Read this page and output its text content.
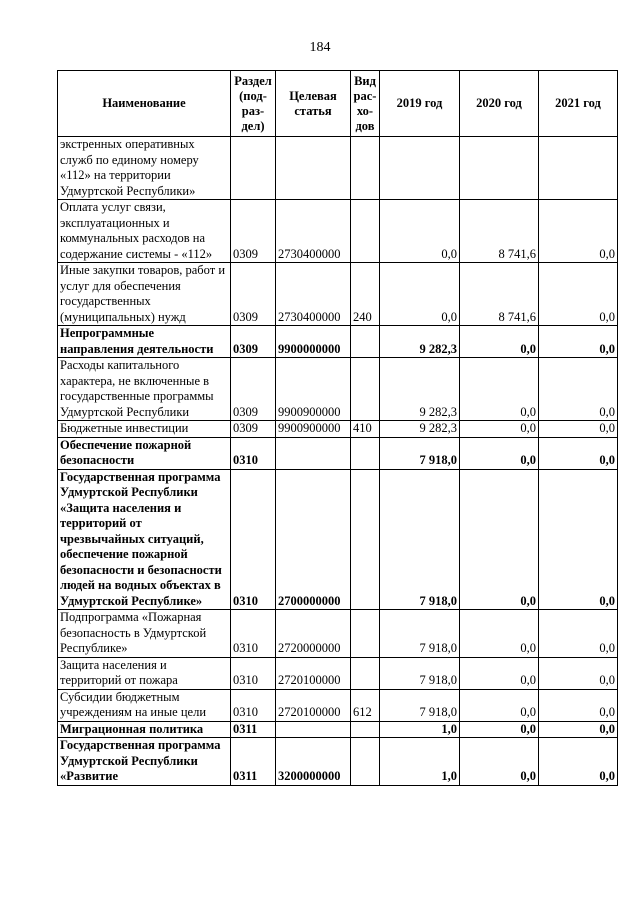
184
Наименование	Раздел (под-раз-дел)	Целевая статья	Вид рас-хо-дов	2019 год	2020 год	2021 год
экстренных оперативных служб по единому номеру «112» на территории Удмуртской Республики»						
Оплата услуг связи, эксплуатационных и коммунальных расходов на содержание системы - «112»	0309	2730400000		0,0	8 741,6	0,0
Иные закупки товаров, работ и услуг для обеспечения государственных (муниципальных) нужд	0309	2730400000	240	0,0	8 741,6	0,0
Непрограммные направления деятельности	0309	9900000000		9 282,3	0,0	0,0
Расходы капитального характера, не включенные в государственные программы Удмуртской Республики	0309	9900900000		9 282,3	0,0	0,0
Бюджетные инвестиции	0309	9900900000	410	9 282,3	0,0	0,0
Обеспечение пожарной безопасности	0310			7 918,0	0,0	0,0
Государственная программа Удмуртской Республики «Защита населения и территорий от чрезвычайных ситуаций, обеспечение пожарной безопасности и безопасности людей на водных объектах в Удмуртской Республике»	0310	2700000000		7 918,0	0,0	0,0
Подпрограмма «Пожарная безопасность в Удмуртской Республике»	0310	2720000000		7 918,0	0,0	0,0
Защита населения и территорий от пожара	0310	2720100000		7 918,0	0,0	0,0
Субсидии бюджетным учреждениям на иные цели	0310	2720100000	612	7 918,0	0,0	0,0
Миграционная политика	0311			1,0	0,0	0,0
Государственная программа Удмуртской Республики «Развитие	0311	3200000000		1,0	0,0	0,0
